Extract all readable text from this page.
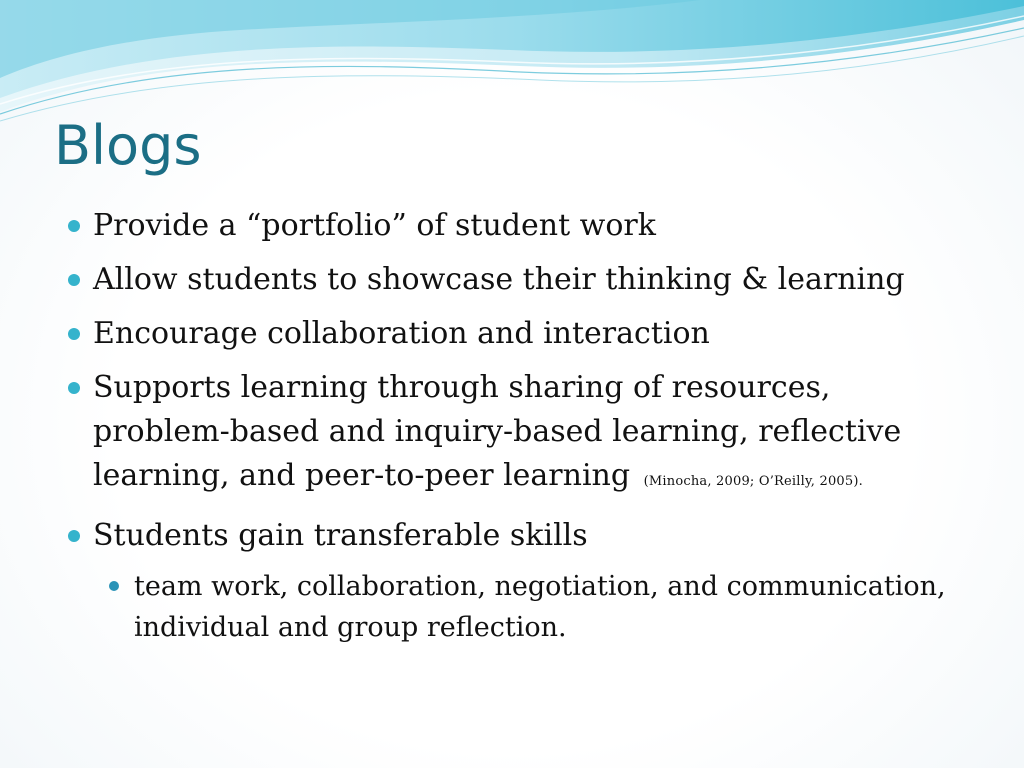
Blogs
Provide a “portfolio” of student work
Allow students to showcase their thinking & learning
Encourage collaboration and interaction
Supports learning through sharing of resources, problem-based and inquiry-based learning, reflective learning, and peer-to-peer learning (Minocha, 2009; O’Reilly, 2005).
Students gain transferable skills
team work, collaboration, negotiation, and communication, individual and group reflection.
